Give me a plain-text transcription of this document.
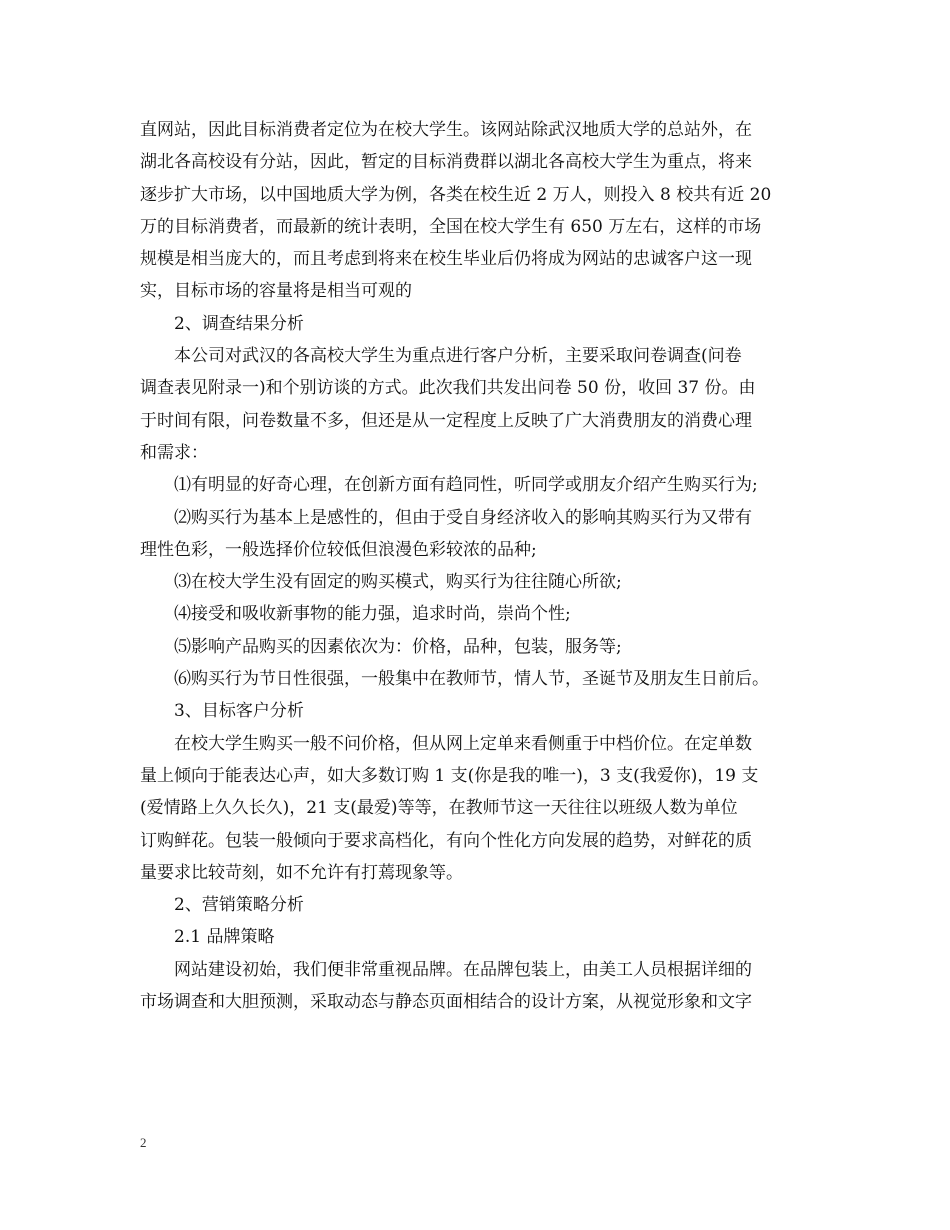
直网站，因此目标消费者定位为在校大学生。该网站除武汉地质大学的总站外，在
湖北各高校设有分站，因此，暂定的目标消费群以湖北各高校大学生为重点，将来
逐步扩大市场，以中国地质大学为例，各类在校生近 2 万人，则投入 8 校共有近 20
万的目标消费者，而最新的统计表明，全国在校大学生有 650 万左右，这样的市场
规模是相当庞大的，而且考虑到将来在校生毕业后仍将成为网站的忠诚客户这一现
实，目标市场的容量将是相当可观的
2、调查结果分析
本公司对武汉的各高校大学生为重点进行客户分析，主要采取问卷调查(问卷
调查表见附录一)和个别访谈的方式。此次我们共发出问卷 50 份，收回 37 份。由
于时间有限，问卷数量不多，但还是从一定程度上反映了广大消费朋友的消费心理
和需求：
⑴有明显的好奇心理，在创新方面有趋同性，听同学或朋友介绍产生购买行为;
⑵购买行为基本上是感性的，但由于受自身经济收入的影响其购买行为又带有
理性色彩，一般选择价位较低但浪漫色彩较浓的品种;
⑶在校大学生没有固定的购买模式，购买行为往往随心所欲;
⑷接受和吸收新事物的能力强，追求时尚，崇尚个性;
⑸影响产品购买的因素依次为：价格，品种，包装，服务等;
⑹购买行为节日性很强，一般集中在教师节，情人节，圣诞节及朋友生日前后。
3、目标客户分析
在校大学生购买一般不问价格，但从网上定单来看侧重于中档价位。在定单数
量上倾向于能表达心声，如大多数订购 1 支(你是我的唯一)，3 支(我爱你)，19 支
(爱情路上久久长久)，21 支(最爱)等等，在教师节这一天往往以班级人数为单位
订购鲜花。包装一般倾向于要求高档化，有向个性化方向发展的趋势，对鲜花的质
量要求比较苛刻，如不允许有打蔫现象等。
2、营销策略分析
2.1 品牌策略
网站建设初始，我们便非常重视品牌。在品牌包装上，由美工人员根据详细的
市场调查和大胆预测，采取动态与静态页面相结合的设计方案，从视觉形象和文字
2
